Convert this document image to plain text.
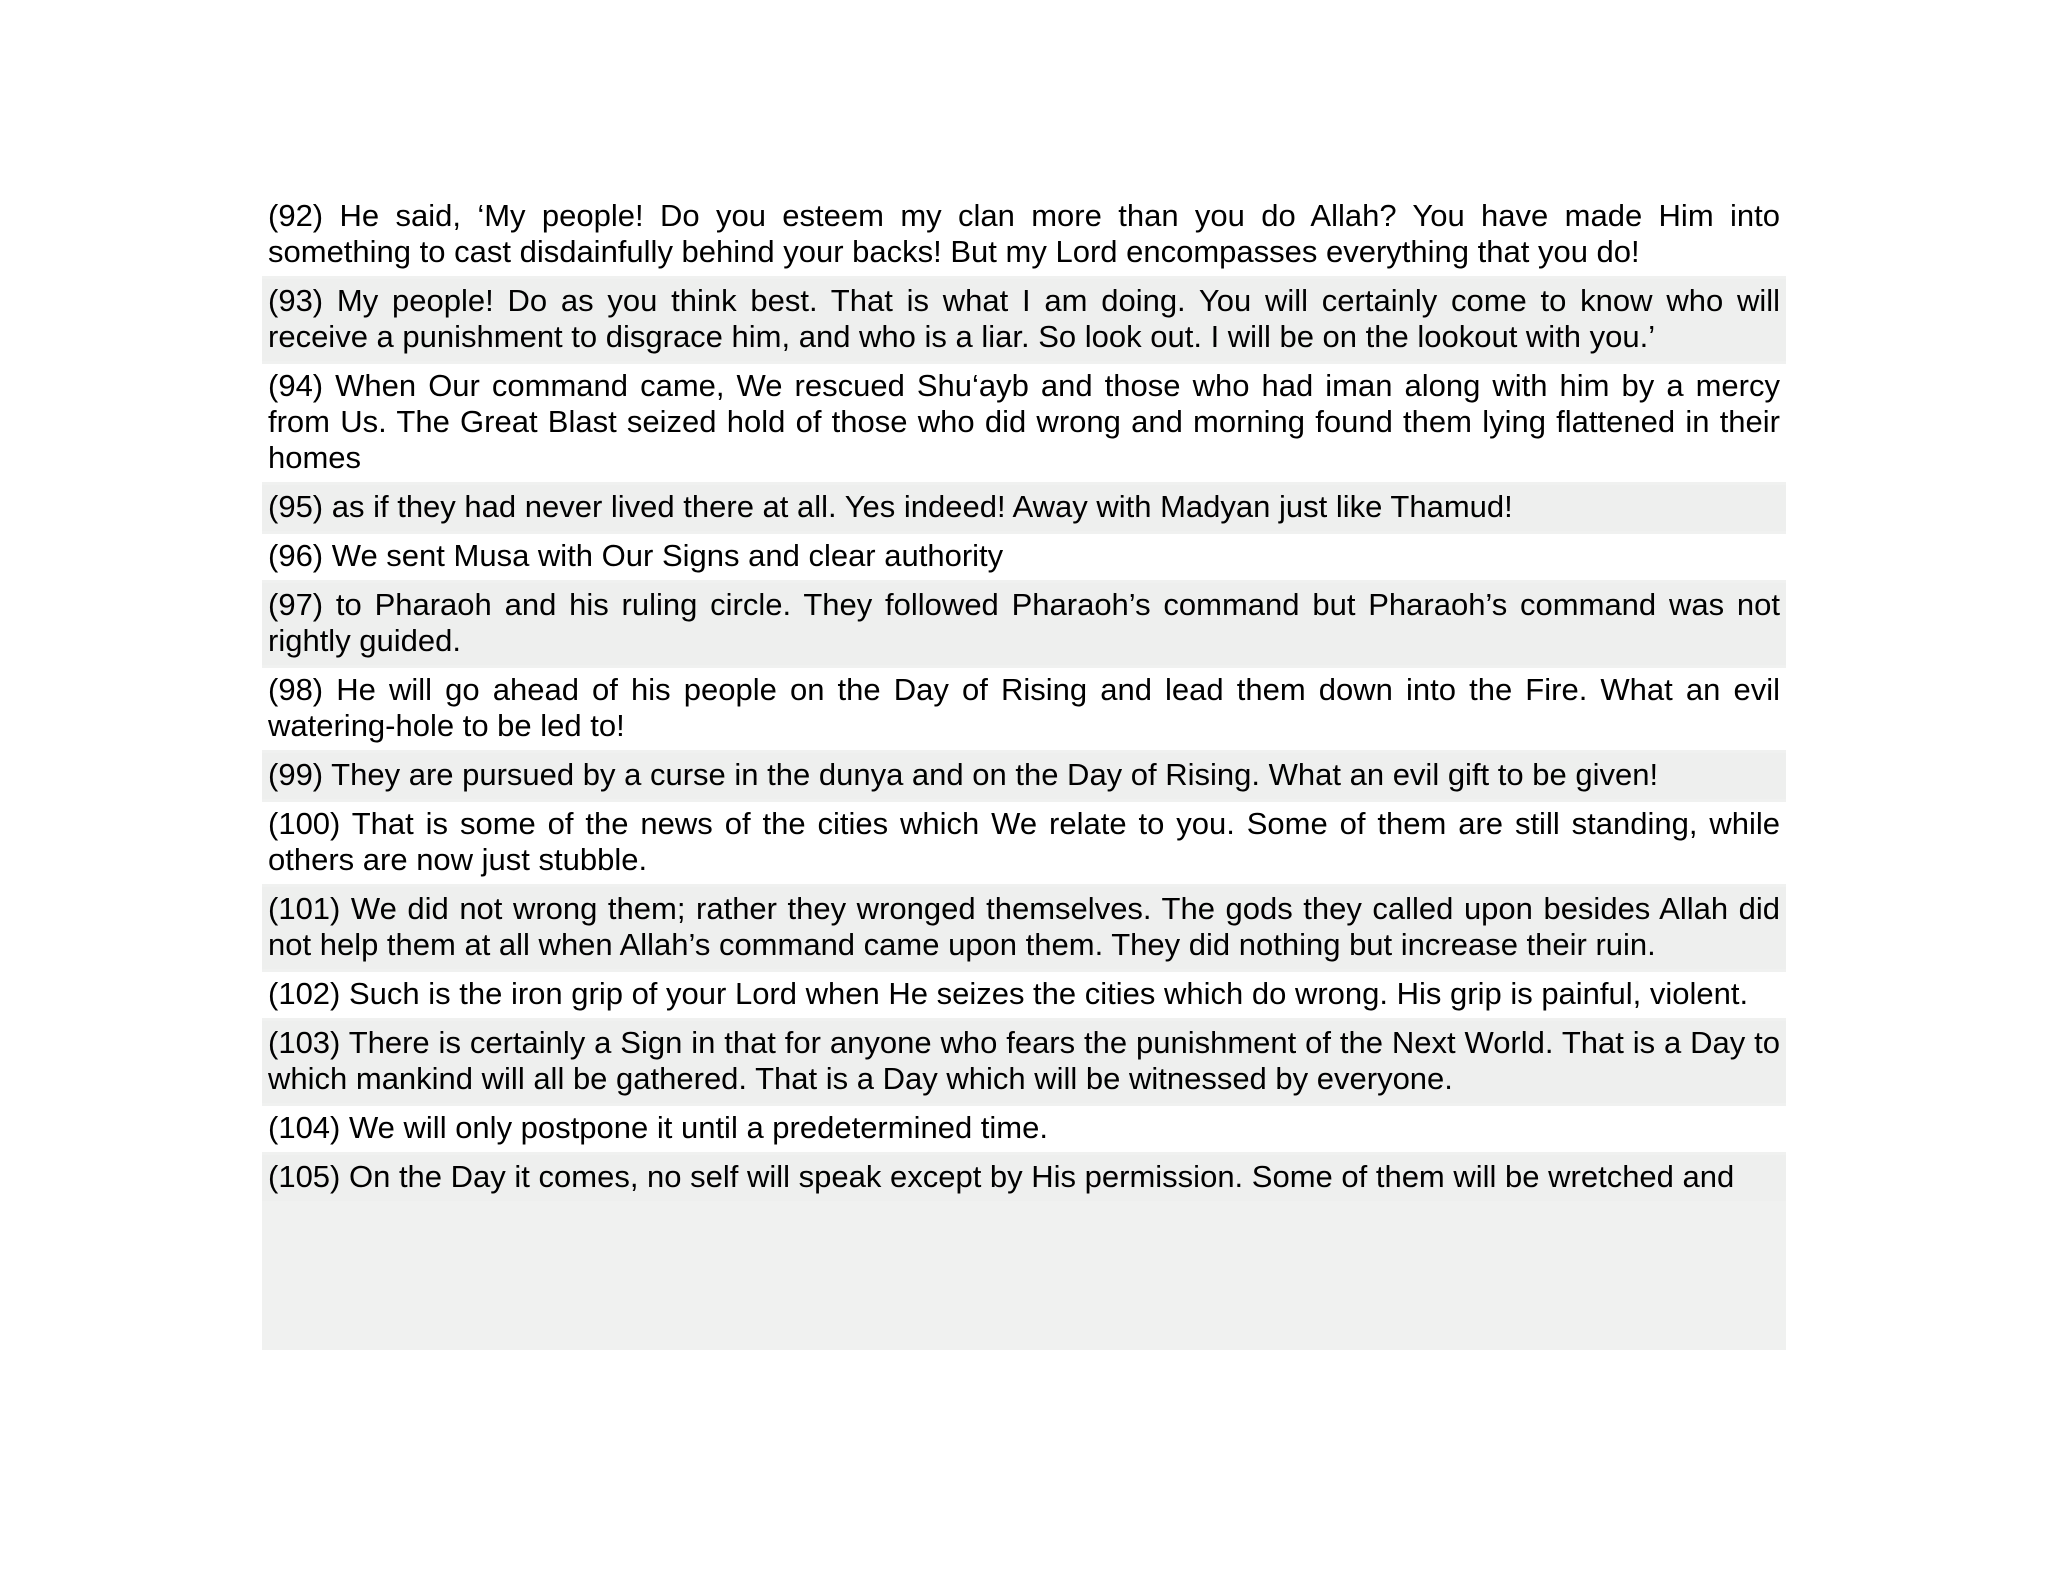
(92) He said, ‘My people! Do you esteem my clan more than you do Allah? You have made Him into something to cast disdainfully behind your backs! But my Lord encompasses everything that you do!
(93) My people! Do as you think best. That is what I am doing. You will certainly come to know who will receive a punishment to disgrace him, and who is a liar. So look out. I will be on the lookout with you.’
(94) When Our command came, We rescued Shu‘ayb and those who had iman along with him by a mercy from Us. The Great Blast seized hold of those who did wrong and morning found them lying flattened in their homes
(95) as if they had never lived there at all. Yes indeed! Away with Madyan just like Thamud!
(96) We sent Musa with Our Signs and clear authority
(97) to Pharaoh and his ruling circle. They followed Pharaoh’s command but Pharaoh’s command was not rightly guided.
(98) He will go ahead of his people on the Day of Rising and lead them down into the Fire. What an evil watering-hole to be led to!
(99) They are pursued by a curse in the dunya and on the Day of Rising. What an evil gift to be given!
(100) That is some of the news of the cities which We relate to you. Some of them are still standing, while others are now just stubble.
(101) We did not wrong them; rather they wronged themselves. The gods they called upon besides Allah did not help them at all when Allah’s command came upon them. They did nothing but increase their ruin.
(102) Such is the iron grip of your Lord when He seizes the cities which do wrong. His grip is painful, violent.
(103) There is certainly a Sign in that for anyone who fears the punishment of the Next World. That is a Day to which mankind will all be gathered. That is a Day which will be witnessed by everyone.
(104) We will only postpone it until a predetermined time.
(105) On the Day it comes, no self will speak except by His permission. Some of them will be wretched and
